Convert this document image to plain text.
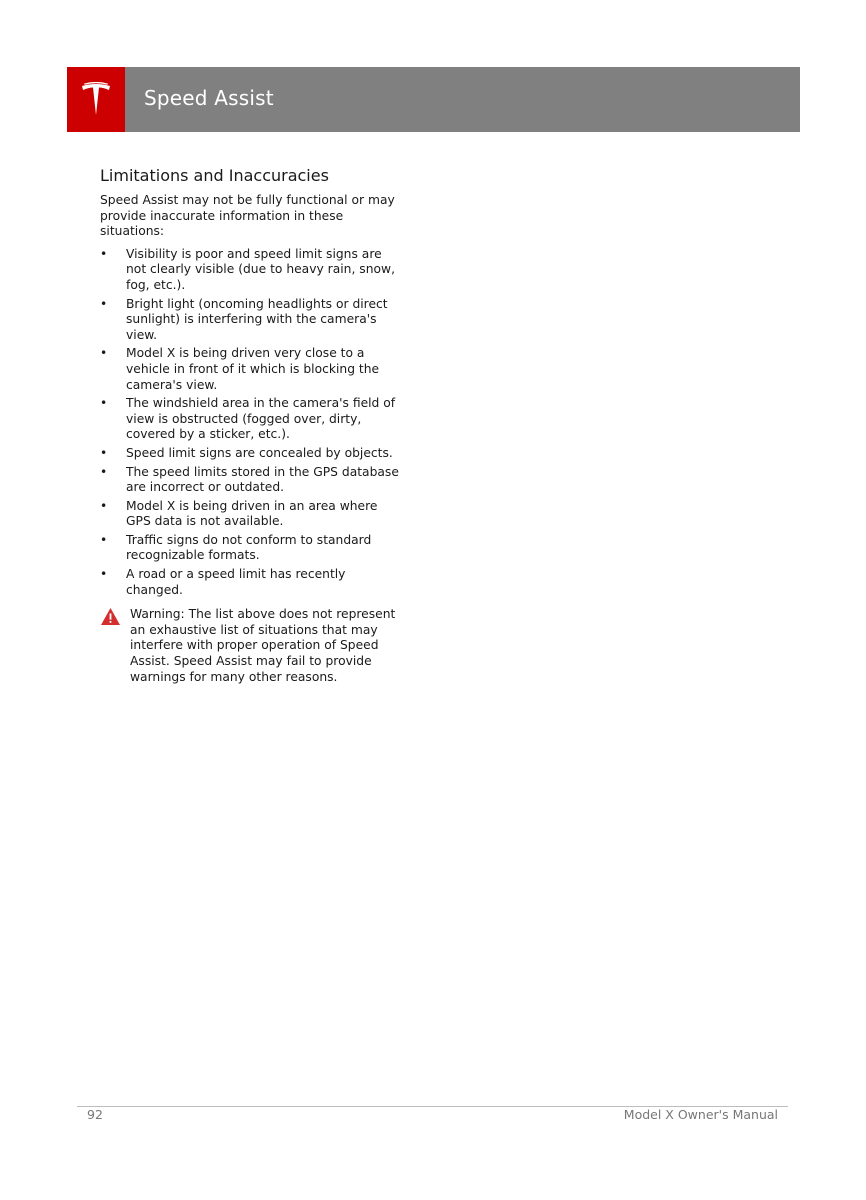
Speed Assist
Limitations and Inaccuracies

Speed Assist may not be fully functional or may provide inaccurate information in these situations:

• Visibility is poor and speed limit signs are not clearly visible (due to heavy rain, snow, fog, etc.).
• Bright light (oncoming headlights or direct sunlight) is interfering with the camera's view.
• Model X is being driven very close to a vehicle in front of it which is blocking the camera's view.
• The windshield area in the camera's field of view is obstructed (fogged over, dirty, covered by a sticker, etc.).
• Speed limit signs are concealed by objects.
• The speed limits stored in the GPS database are incorrect or outdated.
• Model X is being driven in an area where GPS data is not available.
• Traffic signs do not conform to standard recognizable formats.
• A road or a speed limit has recently changed.
Warning: The list above does not represent an exhaustive list of situations that may interfere with proper operation of Speed Assist. Speed Assist may fail to provide warnings for many other reasons.
92	Model X Owner's Manual
